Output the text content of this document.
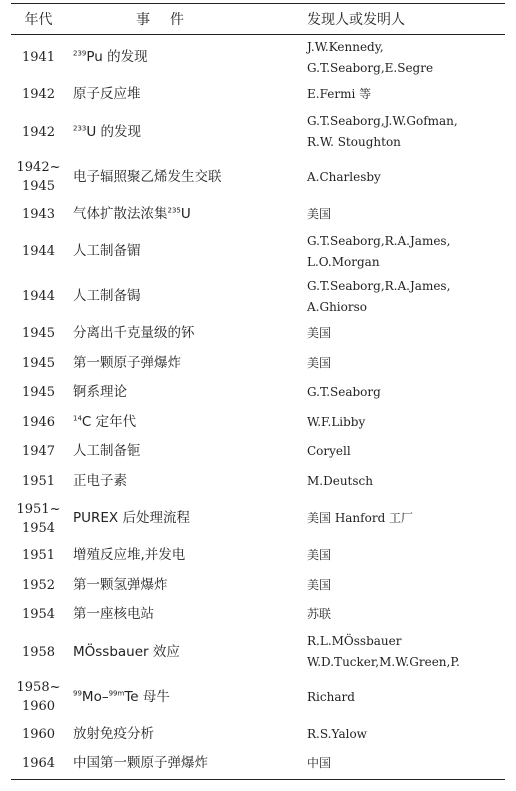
年代	事件	发现人或发明人

1941	$^{239}$Pu 的发现	J.W.Kennedy,
G.T.Seaborg,E.Segre

1942	原子反应堆	E.Fermi 等

1942	$^{233}$U 的发现	G.T.Seaborg,J.W.Gofman,
R.W. Stoughton

1942~
1945	电子辐照聚乙烯发生交联	A.Charlesby

1943	气体扩散法浓集$^{235}$U	美国

1944	人工制备镅	G.T.Seaborg,R.A.James,
L.O.Morgan

1944	人工制备锔	G.T.Seaborg,R.A.James,
A.Ghiorso

1945	分离出千克量级的钚	美国

1945	第一颗原子弹爆炸	美国

1945	锕系理论	G.T.Seaborg

1946	$^{14}$C 定年代	W.F.Libby

1947	人工制备钷	Coryell

1951	正电子素	M.Deutsch

1951~
1954	PUREX 后处理流程	美国 Hanford 工厂

1951	增殖反应堆,并发电	美国

1952	第一颗氢弹爆炸	美国

1954	第一座核电站	苏联

1958	MÖssbauer 效应	R.L.MÖssbauer
W.D.Tucker,M.W.Green,P.

1958~
1960	$^{99}$Mo–$^{99m}$Te 母牛	Richard

1960	放射免疫分析	R.S.Yalow

1964	中国第一颗原子弹爆炸	中国
